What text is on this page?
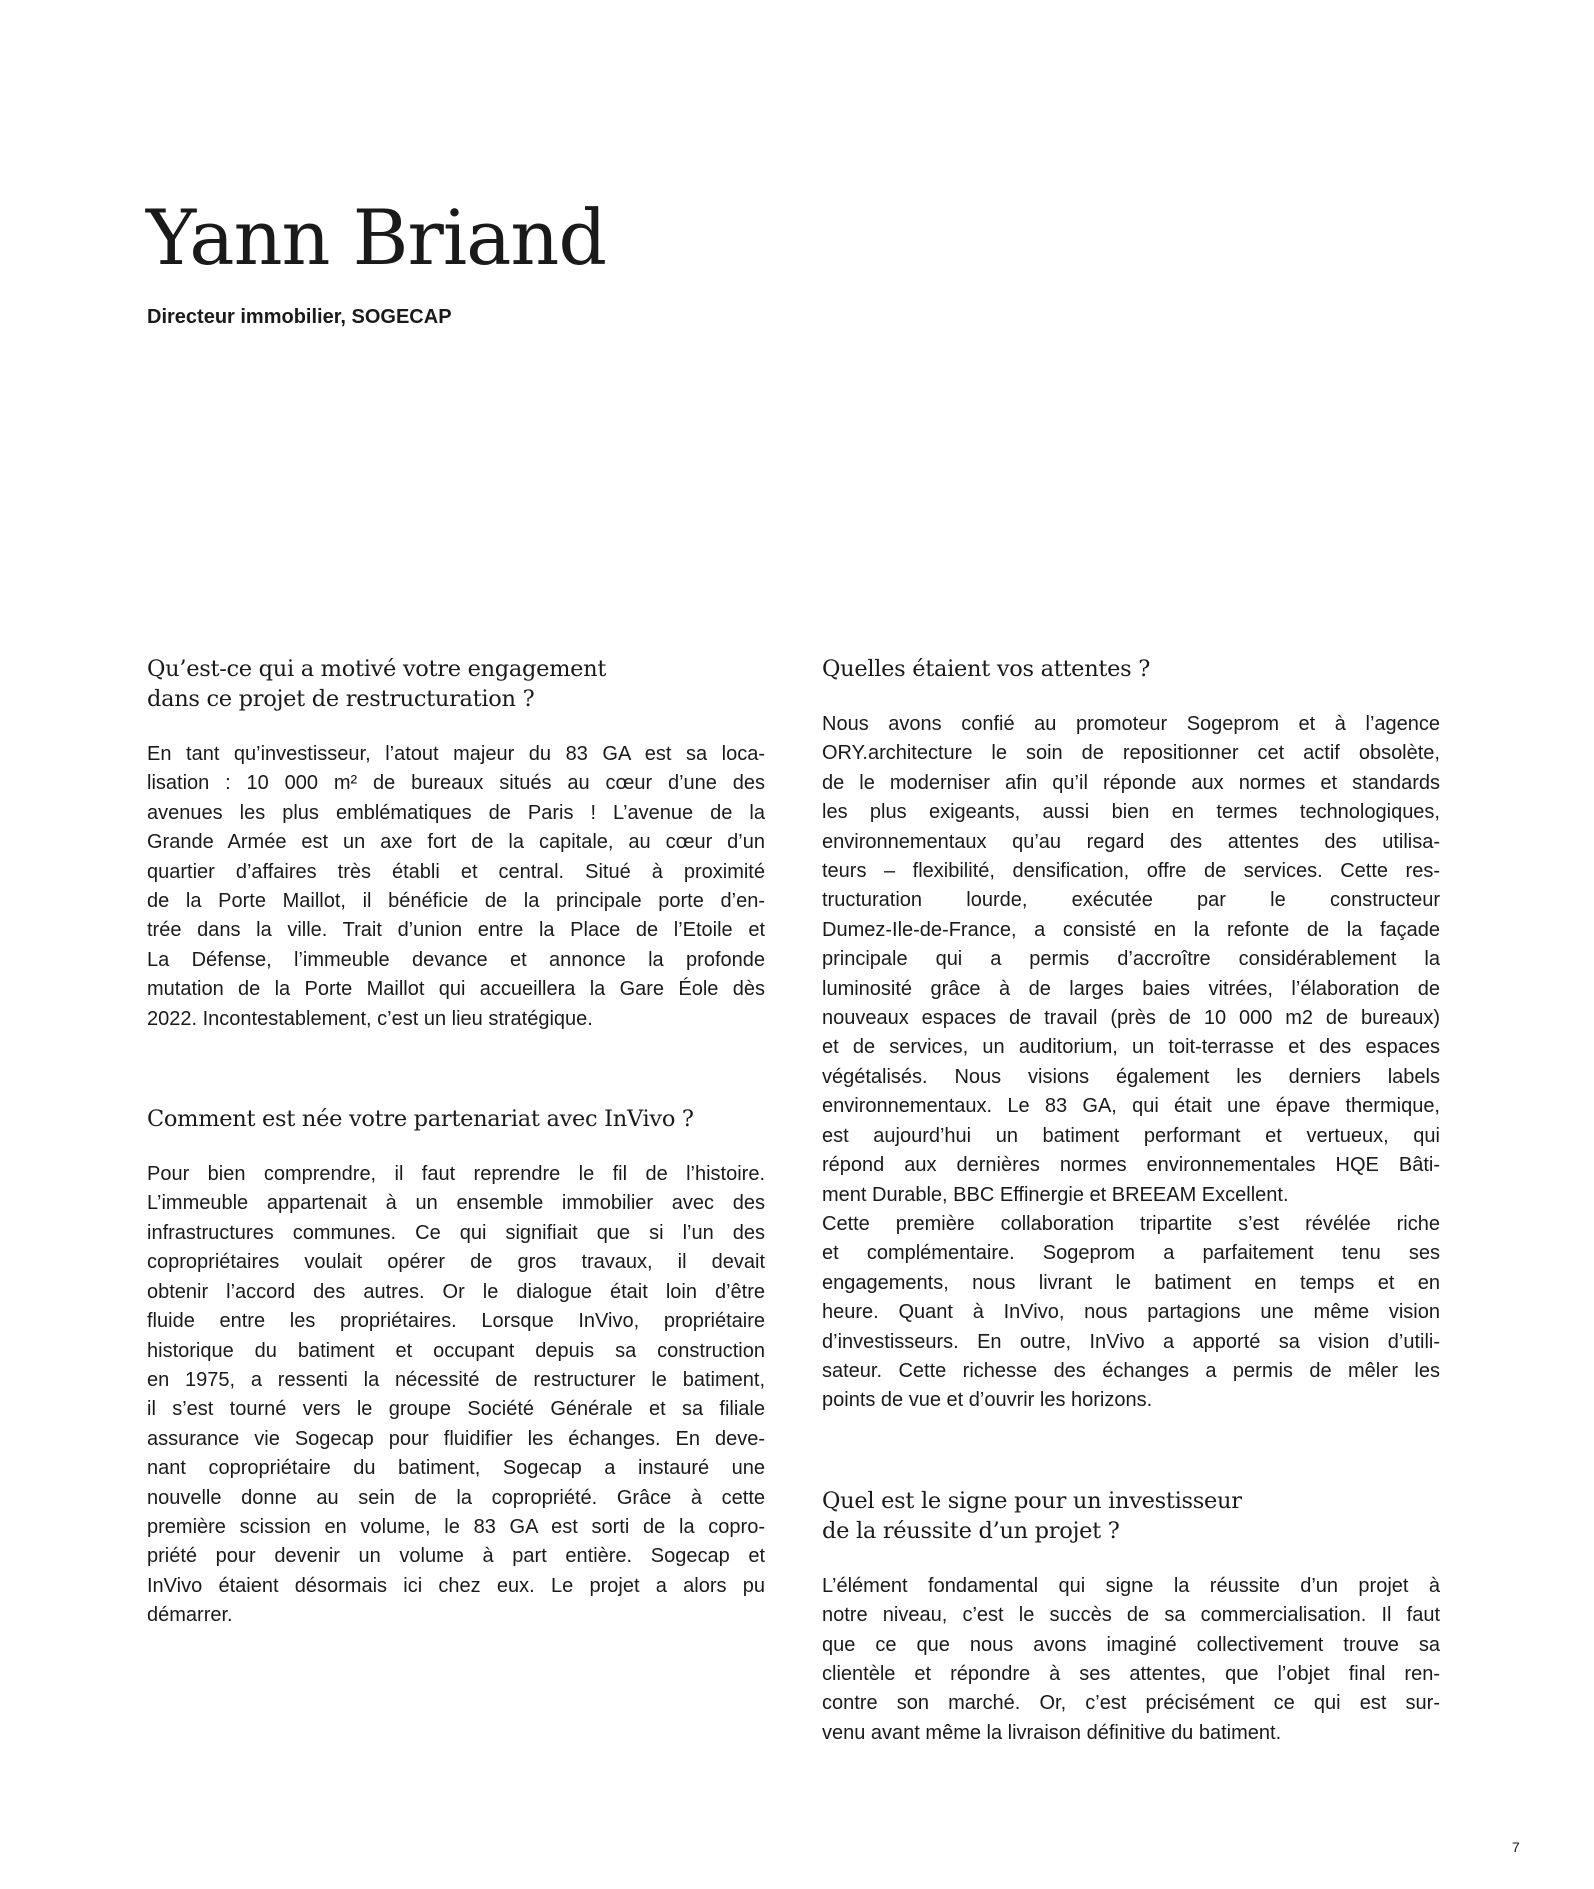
Yann Briand

Directeur immobilier, SOGECAP

Qu’est-ce qui a motivé votre engagement
dans ce projet de restructuration ?

En tant qu’investisseur, l’atout majeur du 83 GA est sa loca-
lisation : 10 000 m² de bureaux situés au cœur d’une des
avenues les plus emblématiques de Paris ! L’avenue de la
Grande Armée est un axe fort de la capitale, au cœur d’un
quartier d’affaires très établi et central. Situé à proximité
de la Porte Maillot, il bénéficie de la principale porte d’en-
trée dans la ville. Trait d’union entre la Place de l’Etoile et
La Défense, l’immeuble devance et annonce la profonde
mutation de la Porte Maillot qui accueillera la Gare Éole dès
2022. Incontestablement, c’est un lieu stratégique.

Comment est née votre partenariat avec InVivo ?

Pour bien comprendre, il faut reprendre le fil de l’histoire.
L’immeuble appartenait à un ensemble immobilier avec des
infrastructures communes. Ce qui signifiait que si l’un des
copropriétaires voulait opérer de gros travaux, il devait
obtenir l’accord des autres. Or le dialogue était loin d’être
fluide entre les propriétaires. Lorsque InVivo, propriétaire
historique du batiment et occupant depuis sa construction
en 1975, a ressenti la nécessité de restructurer le batiment,
il s’est tourné vers le groupe Société Générale et sa filiale
assurance vie Sogecap pour fluidifier les échanges. En deve-
nant copropriétaire du batiment, Sogecap a instauré une
nouvelle donne au sein de la copropriété. Grâce à cette
première scission en volume, le 83 GA est sorti de la copro-
priété pour devenir un volume à part entière. Sogecap et
InVivo étaient désormais ici chez eux. Le projet a alors pu
démarrer.

Quelles étaient vos attentes ?

Nous avons confié au promoteur Sogeprom et à l’agence
ORY.architecture le soin de repositionner cet actif obsolète,
de le moderniser afin qu’il réponde aux normes et standards
les plus exigeants, aussi bien en termes technologiques,
environnementaux qu’au regard des attentes des utilisa-
teurs – flexibilité, densification, offre de services. Cette res-
tructuration lourde, exécutée par le constructeur
Dumez-Ile-de-France, a consisté en la refonte de la façade
principale qui a permis d’accroître considérablement la
luminosité grâce à de larges baies vitrées, l’élaboration de
nouveaux espaces de travail (près de 10 000 m2 de bureaux)
et de services, un auditorium, un toit-terrasse et des espaces
végétalisés. Nous visions également les derniers labels
environnementaux. Le 83 GA, qui était une épave thermique,
est aujourd’hui un batiment performant et vertueux, qui
répond aux dernières normes environnementales HQE Bâti-
ment Durable, BBC Effinergie et BREEAM Excellent.
Cette première collaboration tripartite s’est révélée riche
et complémentaire. Sogeprom a parfaitement tenu ses
engagements, nous livrant le batiment en temps et en
heure. Quant à InVivo, nous partagions une même vision
d’investisseurs. En outre, InVivo a apporté sa vision d’utili-
sateur. Cette richesse des échanges a permis de mêler les
points de vue et d’ouvrir les horizons.

Quel est le signe pour un investisseur
de la réussite d’un projet ?

L’élément fondamental qui signe la réussite d’un projet à
notre niveau, c’est le succès de sa commercialisation. Il faut
que ce que nous avons imaginé collectivement trouve sa
clientèle et répondre à ses attentes, que l’objet final ren-
contre son marché. Or, c’est précisément ce qui est sur-
venu avant même la livraison définitive du batiment.

7
